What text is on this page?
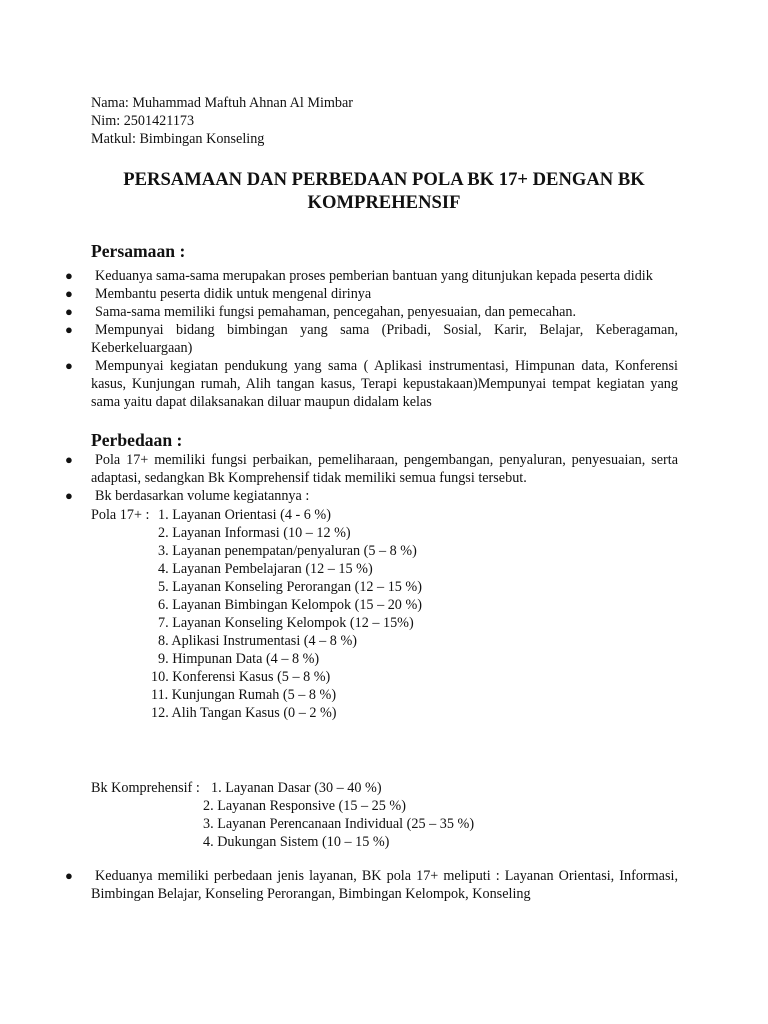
Nama: Muhammad Maftuh Ahnan Al Mimbar
Nim: 2501421173
Matkul: Bimbingan Konseling
PERSAMAAN DAN PERBEDAAN POLA BK 17+ DENGAN BK
KOMPREHENSIF
Persamaan :
● Keduanya sama-sama merupakan proses pemberian bantuan yang ditunjukan kepada peserta didik
● Membantu peserta didik untuk mengenal dirinya
● Sama-sama memiliki fungsi pemahaman, pencegahan, penyesuaian, dan pemecahan.
● Mempunyai bidang bimbingan yang sama (Pribadi, Sosial, Karir, Belajar, Keberagaman, Keberkeluargaan)
● Mempunyai kegiatan pendukung yang sama ( Aplikasi instrumentasi, Himpunan data, Konferensi kasus, Kunjungan rumah, Alih tangan kasus, Terapi kepustakaan)Mempunyai tempat kegiatan yang sama yaitu dapat dilaksanakan diluar maupun didalam kelas
Perbedaan :
● Pola 17+ memiliki fungsi perbaikan, pemeliharaan, pengembangan, penyaluran, penyesuaian, serta adaptasi, sedangkan Bk Komprehensif tidak memiliki semua fungsi tersebut.
● Bk berdasarkan volume kegiatannya :
Pola 17+ : 1. Layanan Orientasi (4 - 6 %)
2. Layanan Informasi (10 – 12 %)
3. Layanan penempatan/penyaluran (5 – 8 %)
4. Layanan Pembelajaran (12 – 15 %)
5. Layanan Konseling Perorangan (12 – 15 %)
6. Layanan Bimbingan Kelompok (15 – 20 %)
7. Layanan Konseling Kelompok (12 – 15%)
8. Aplikasi Instrumentasi (4 – 8 %)
9. Himpunan Data (4 – 8 %)
10. Konferensi Kasus (5 – 8 %)
11. Kunjungan Rumah (5 – 8 %)
12. Alih Tangan Kasus (0 – 2 %)
Bk Komprehensif : 1. Layanan Dasar (30 – 40 %)
2. Layanan Responsive (15 – 25 %)
3. Layanan Perencanaan Individual (25 – 35 %)
4. Dukungan Sistem (10 – 15 %)
● Keduanya memiliki perbedaan jenis layanan, BK pola 17+ meliputi : Layanan Orientasi, Informasi, Bimbingan Belajar, Konseling Perorangan, Bimbingan Kelompok, Konseling
